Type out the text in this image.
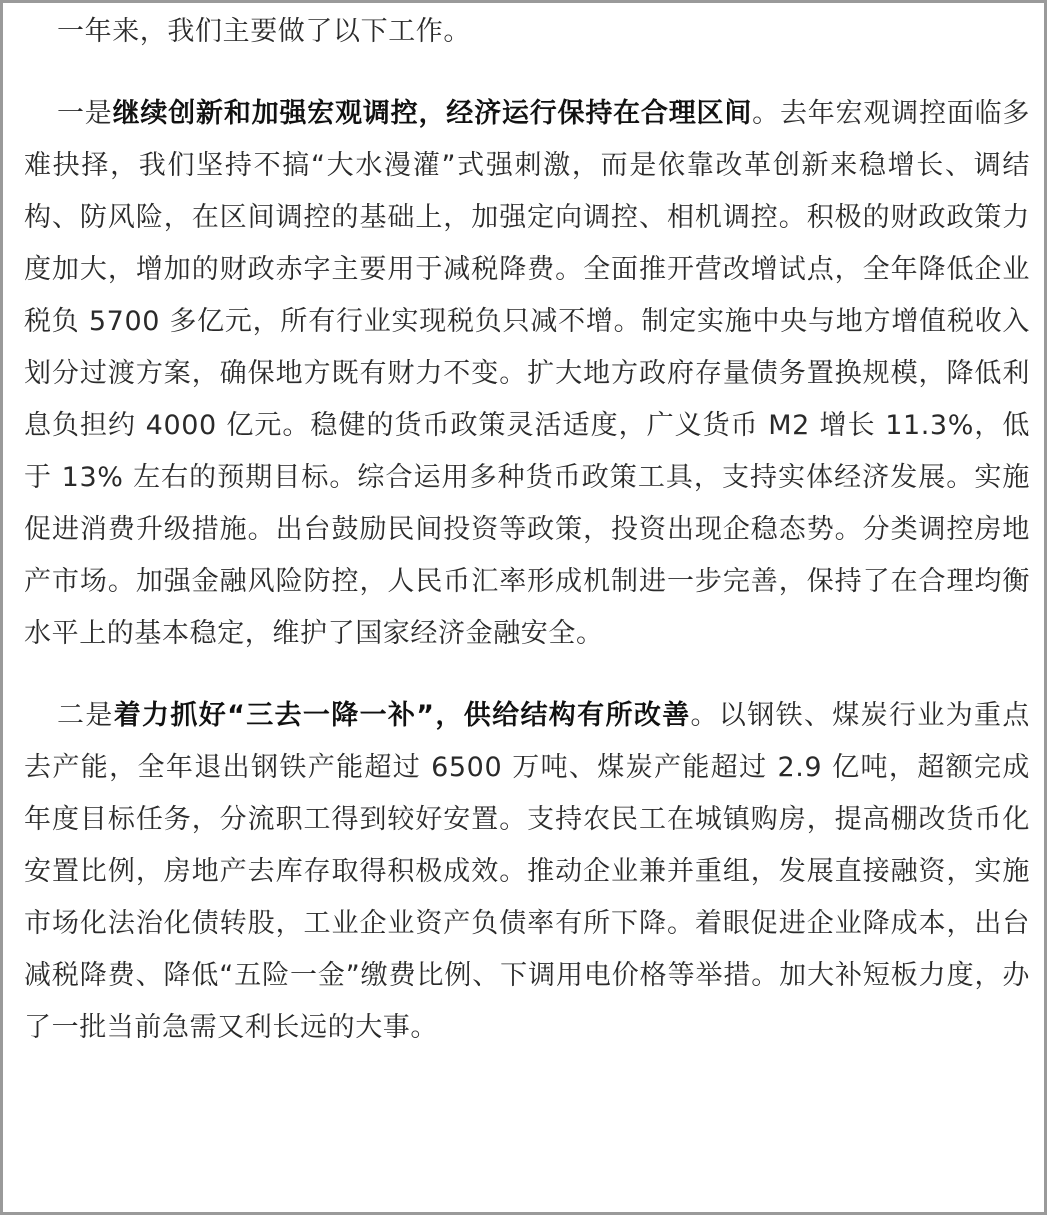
一年来，我们主要做了以下工作。

一是继续创新和加强宏观调控，经济运行保持在合理区间。去年宏观调控面临多难抉择，我们坚持不搞“大水漫灌”式强刺激，而是依靠改革创新来稳增长、调结构、防风险，在区间调控的基础上，加强定向调控、相机调控。积极的财政政策力度加大，增加的财政赤字主要用于减税降费。全面推开营改增试点，全年降低企业税负 5700 多亿元，所有行业实现税负只减不增。制定实施中央与地方增值税收入划分过渡方案，确保地方既有财力不变。扩大地方政府存量债务置换规模，降低利息负担约 4000 亿元。稳健的货币政策灵活适度，广义货币 M2 增长 11.3%，低于 13% 左右的预期目标。综合运用多种货币政策工具，支持实体经济发展。实施促进消费升级措施。出台鼓励民间投资等政策，投资出现企稳态势。分类调控房地产市场。加强金融风险防控，人民币汇率形成机制进一步完善，保持了在合理均衡水平上的基本稳定，维护了国家经济金融安全。

二是着力抓好“三去一降一补”，供给结构有所改善。以钢铁、煤炭行业为重点去产能，全年退出钢铁产能超过 6500 万吨、煤炭产能超过 2.9 亿吨，超额完成年度目标任务，分流职工得到较好安置。支持农民工在城镇购房，提高棚改货币化安置比例，房地产去库存取得积极成效。推动企业兼并重组，发展直接融资，实施市场化法治化债转股，工业企业资产负债率有所下降。着眼促进企业降成本，出台减税降费、降低“五险一金”缴费比例、下调用电价格等举措。加大补短板力度，办了一批当前急需又利长远的大事。
